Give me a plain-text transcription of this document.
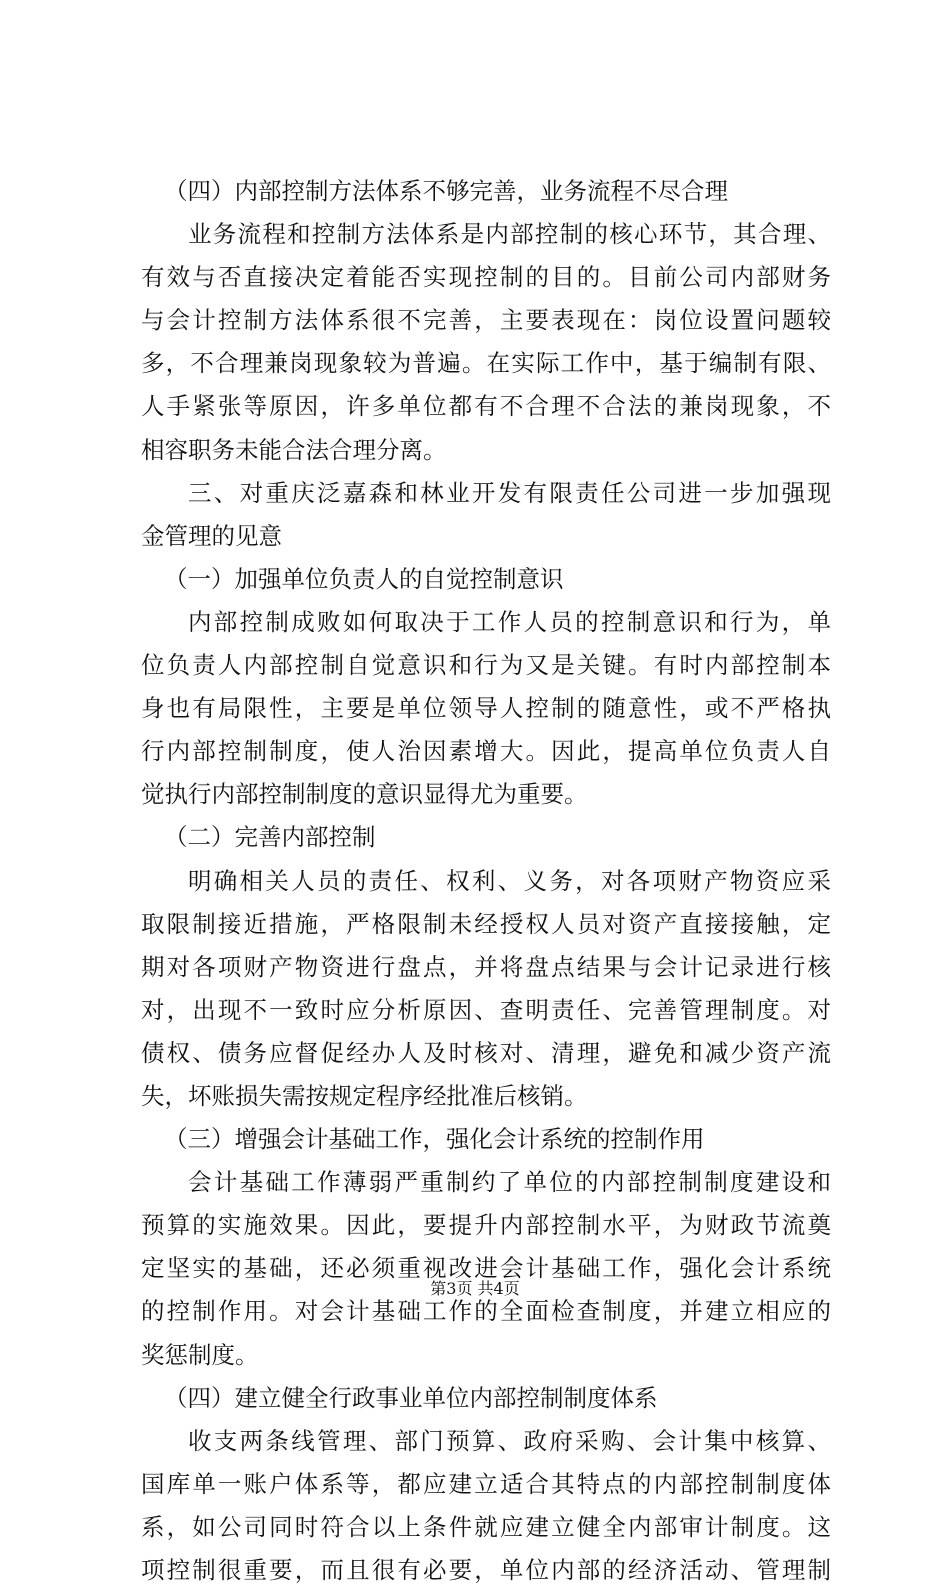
（四）内部控制方法体系不够完善，业务流程不尽合理
业务流程和控制方法体系是内部控制的核心环节，其合理、
有效与否直接决定着能否实现控制的目的。目前公司内部财务
与会计控制方法体系很不完善，主要表现在：岗位设置问题较
多，不合理兼岗现象较为普遍。在实际工作中，基于编制有限、
人手紧张等原因，许多单位都有不合理不合法的兼岗现象，不
相容职务未能合法合理分离。
三、对重庆泛嘉森和林业开发有限责任公司进一步加强现
金管理的见意
（一）加强单位负责人的自觉控制意识
内部控制成败如何取决于工作人员的控制意识和行为，单
位负责人内部控制自觉意识和行为又是关键。有时内部控制本
身也有局限性，主要是单位领导人控制的随意性，或不严格执
行内部控制制度，使人治因素增大。因此，提高单位负责人自
觉执行内部控制制度的意识显得尤为重要。
（二）完善内部控制
明确相关人员的责任、权利、义务，对各项财产物资应采
取限制接近措施，严格限制未经授权人员对资产直接接触，定
期对各项财产物资进行盘点，并将盘点结果与会计记录进行核
对，出现不一致时应分析原因、查明责任、完善管理制度。对
债权、债务应督促经办人及时核对、清理，避免和减少资产流
失，坏账损失需按规定程序经批准后核销。
（三）增强会计基础工作，强化会计系统的控制作用
会计基础工作薄弱严重制约了单位的内部控制制度建设和
预算的实施效果。因此，要提升内部控制水平，为财政节流奠
定坚实的基础，还必须重视改进会计基础工作，强化会计系统
的控制作用。对会计基础工作的全面检查制度，并建立相应的
奖惩制度。
（四）建立健全行政事业单位内部控制制度体系
收支两条线管理、部门预算、政府采购、会计集中核算、
国库单一账户体系等，都应建立适合其特点的内部控制制度体
系，如公司同时符合以上条件就应建立健全内部审计制度。这
项控制很重要，而且很有必要，单位内部的经济活动、管理制
第3页 共4页
